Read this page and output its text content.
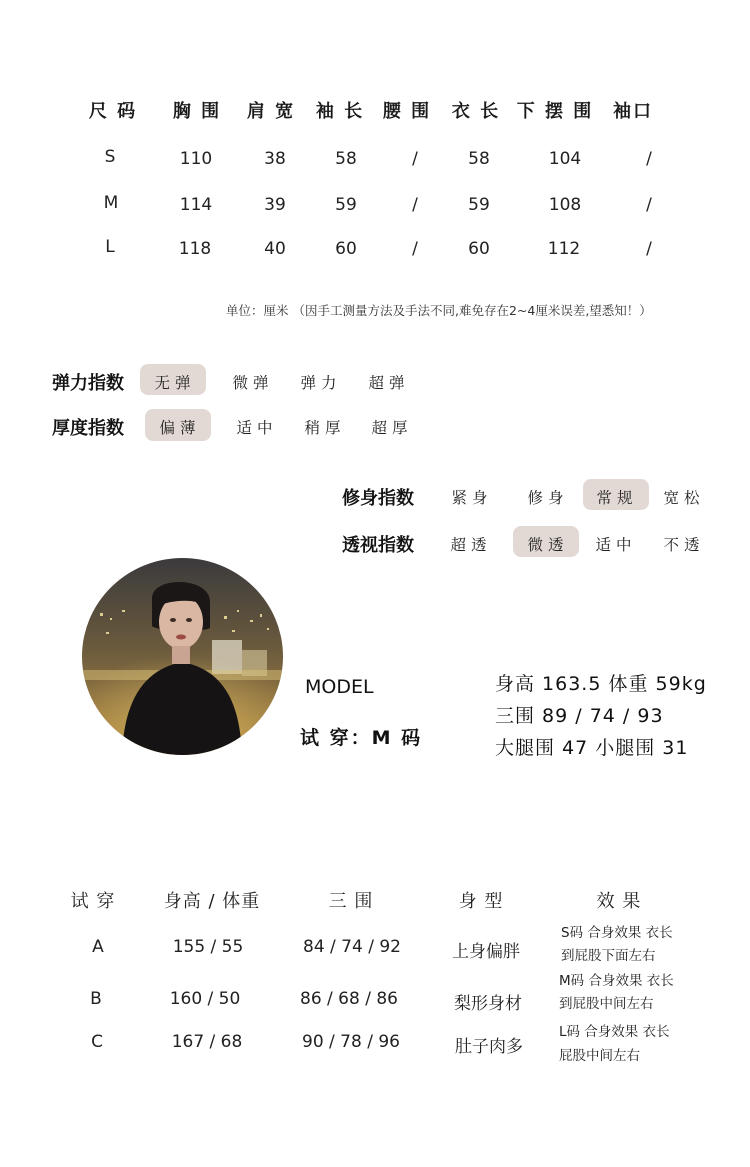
尺 码 胸 围 肩 宽 袖 长 腰 围 衣 长 下 摆 围 袖口
S	110	38	58	/	58	104	/
M	114	39	59	/	59	108	/
L	118	40	60	/	60	112	/
单位：厘米 （因手工测量方法及手法不同,难免存在2~4厘米误差,望悉知！）
弹力指数 无弹 微弹 弹力 超弹
厚度指数 偏薄 适中 稍厚 超厚
修身指数 紧身 修身 常规 宽松
透视指数 超透 微透 适中 不透
MODEL
试 穿：M 码
身高 163.5 体重 59kg
三围 89 / 74 / 93
大腿围 47 小腿围 31
试 穿	身高 / 体重	三 围	身 型	效 果
A	155 / 55	84 / 74 / 92	上身偏胖
S码 合身效果 衣长
到屁股下面左右
B	160 / 50	86 / 68 / 86	梨形身材
M码 合身效果 衣长
到屁股中间左右
C	167 / 68	90 / 78 / 96	肚子肉多
L码 合身效果 衣长
屁股中间左右
